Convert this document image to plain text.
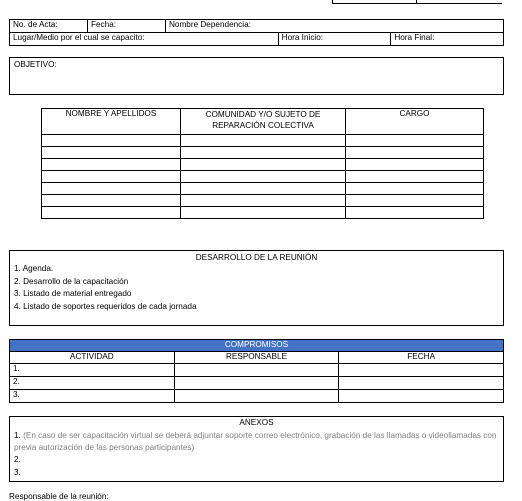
No. de Acta:	Fecha:	Nombre Dependencia:		
Lugar/Medio por el cual se capacito:			Hora Inicio:	Hora Final:
OBJETIVO:
NOMBRE Y APELLIDOS	COMUNIDAD Y/O SUJETO DE REPARACIÓN COLECTIVA	CARGO

DESARROLLO DE LA REUNIÓN
1. Agenda.
2. Desarrollo de la capacitación
3. Listado de material entregado
4. Listado de soportes requeridos de cada jornada
COMPROMISOS		
ACTIVIDAD	RESPONSABLE	FECHA
1.		
2.		
3.		
ANEXOS
1. (En caso de ser capacitación virtual se deberá adjuntar soporte correo electrónico, grabación de las llamadas o videollamadas con previa autorización de las personas participantes)
2.
3.
Responsable de la reunión:
